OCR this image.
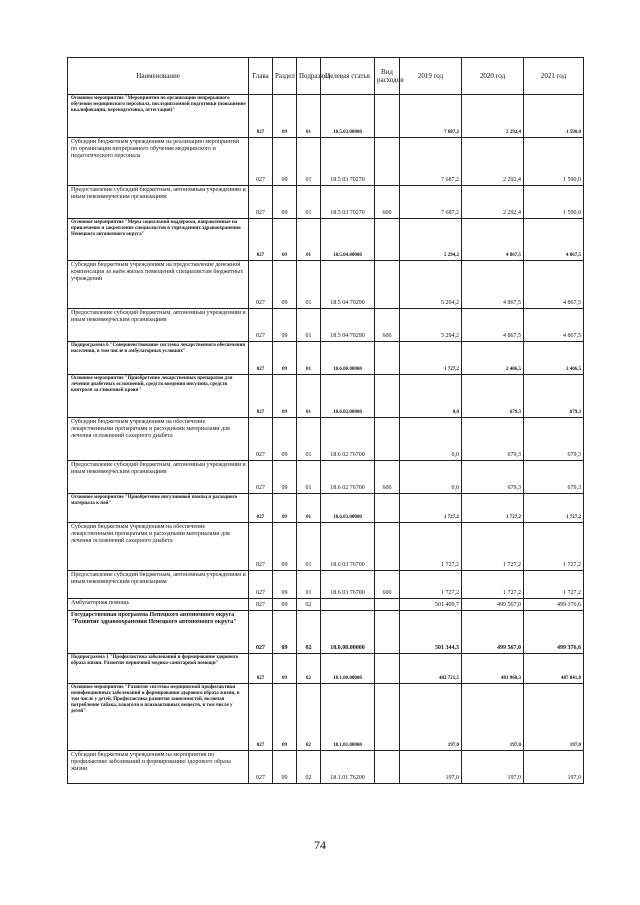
Наименование	Глава	Раздел	Подраздел	Целевая статья	Вид расходов	2019 год	2020 год	2021 год
Основное мероприятие "Мероприятия по организации непрерывного обучения медицинского персонала, последипломной подготовки (повышение квалификации, переподготовка, аттестация)"	027	09	01	18.5.03.00000		7 687,2	2 292,4	1 590,0
Субсидии бюджетным учреждениям на реализацию мероприятий по организации непрерывного обучения медицинского и педагогического персонала	027	09	01	18.5 03 70270		7 687,2	2 292,4	1 590,0
Предоставление субсидий бюджетным, автономным учреждениям и иным некоммерческим организациям	027	09	01	18.5 03 70270	600	7 687,2	2 292,4	1 590,0
Основное мероприятие "Меры социальной поддержки, направленные на привлечение и закрепление специалистов в учреждениях здравоохранения Ненецкого автономного округа"	027	09	01	18.5.04.00000		5 294,2	4 867,5	4 867,5
Субсидии бюджетным учреждениям на предоставление денежной компенсации за наём жилых помещений специалистам бюджетных учреждений	027	09	01	18.5 04 70290		5 294,2	4 867,5	4 867,5
Предоставление субсидий бюджетным, автономным учреждениям и иным некоммерческим организациям	027	09	01	18.5 04 70290	600	5 294,2	4 867,5	4 867,5
Подпрограмма 6 "Совершенствование системы лекарственного обеспечения населения, в том числе в амбулаторных условиях"	027	09	01	18.6.00.00000		1 727,2	2 406,5	2 406,5
Основное мероприятие "Приобретение лекарственных препаратов для лечения диабетных осложнений, средств введения инсулина, средств контроля за гликемией крови"	027	09	01	18.6.02.00000		0,0	679,3	679,3
Субсидии бюджетным учреждениям на обеспечение лекарственными препаратами и расходными материалами для лечения осложнений сахарного диабета	027	09	01	18.6 02 76700		0,0	679,3	679,3
Предоставление субсидий бюджетным, автономным учреждениям и иным некоммерческим организациям	027	09	01	18.6 02 76700	600	0,0	679,3	679,3
Основное мероприятие "Приобретение инсулиновой помпы и расходного материала к ней"	027	09	01	18.6.03.00000		1 727,2	1 727,2	1 727,2
Субсидии бюджетным учреждениям на обеспечение лекарственными препаратами и расходными материалами для лечения осложнений сахарного диабета	027	09	01	18.6 03 76700		1 727,2	1 727,2	1 727,2
Предоставление субсидий бюджетным, автономным учреждениям и иным некоммерческим организациям	027	09	01	18.6 03 76700	600	1 727,2	1 727,2	1 727,2
Амбулаторная помощь	027	09	02			501 409,7	499 567,0	499 376,6
Государственная программа Ненецкого автономного округа "Развитие здравоохранения Ненецкого автономного округа"	027	09	02	18.0.00.00000		501 344,3	499 567,0	499 376,6
Подпрограмма 1 "Профилактика заболеваний и формирование здорового образа жизни. Развитие первичной медико-санитарной помощи"	027	09	02	18.1.00.00000		482 721,5	481 960,3	487 841,8
Основное мероприятие "Развитие системы медицинской профилактики неинфекционных заболеваний и формирования здорового образа жизни, в том числе у детей. Профилактика развития зависимостей, включая потребление табака, алкоголя и психоактивных веществ, в том числе у детей"	027	09	02	18.1.01.00000		197,0	197,0	197,0
Субсидии бюджетным учреждениям на мероприятия по профилактике заболеваний и формированию здорового образа жизни	027	09	02	18.1.01 76200		197,0	197,0	197,0
74
